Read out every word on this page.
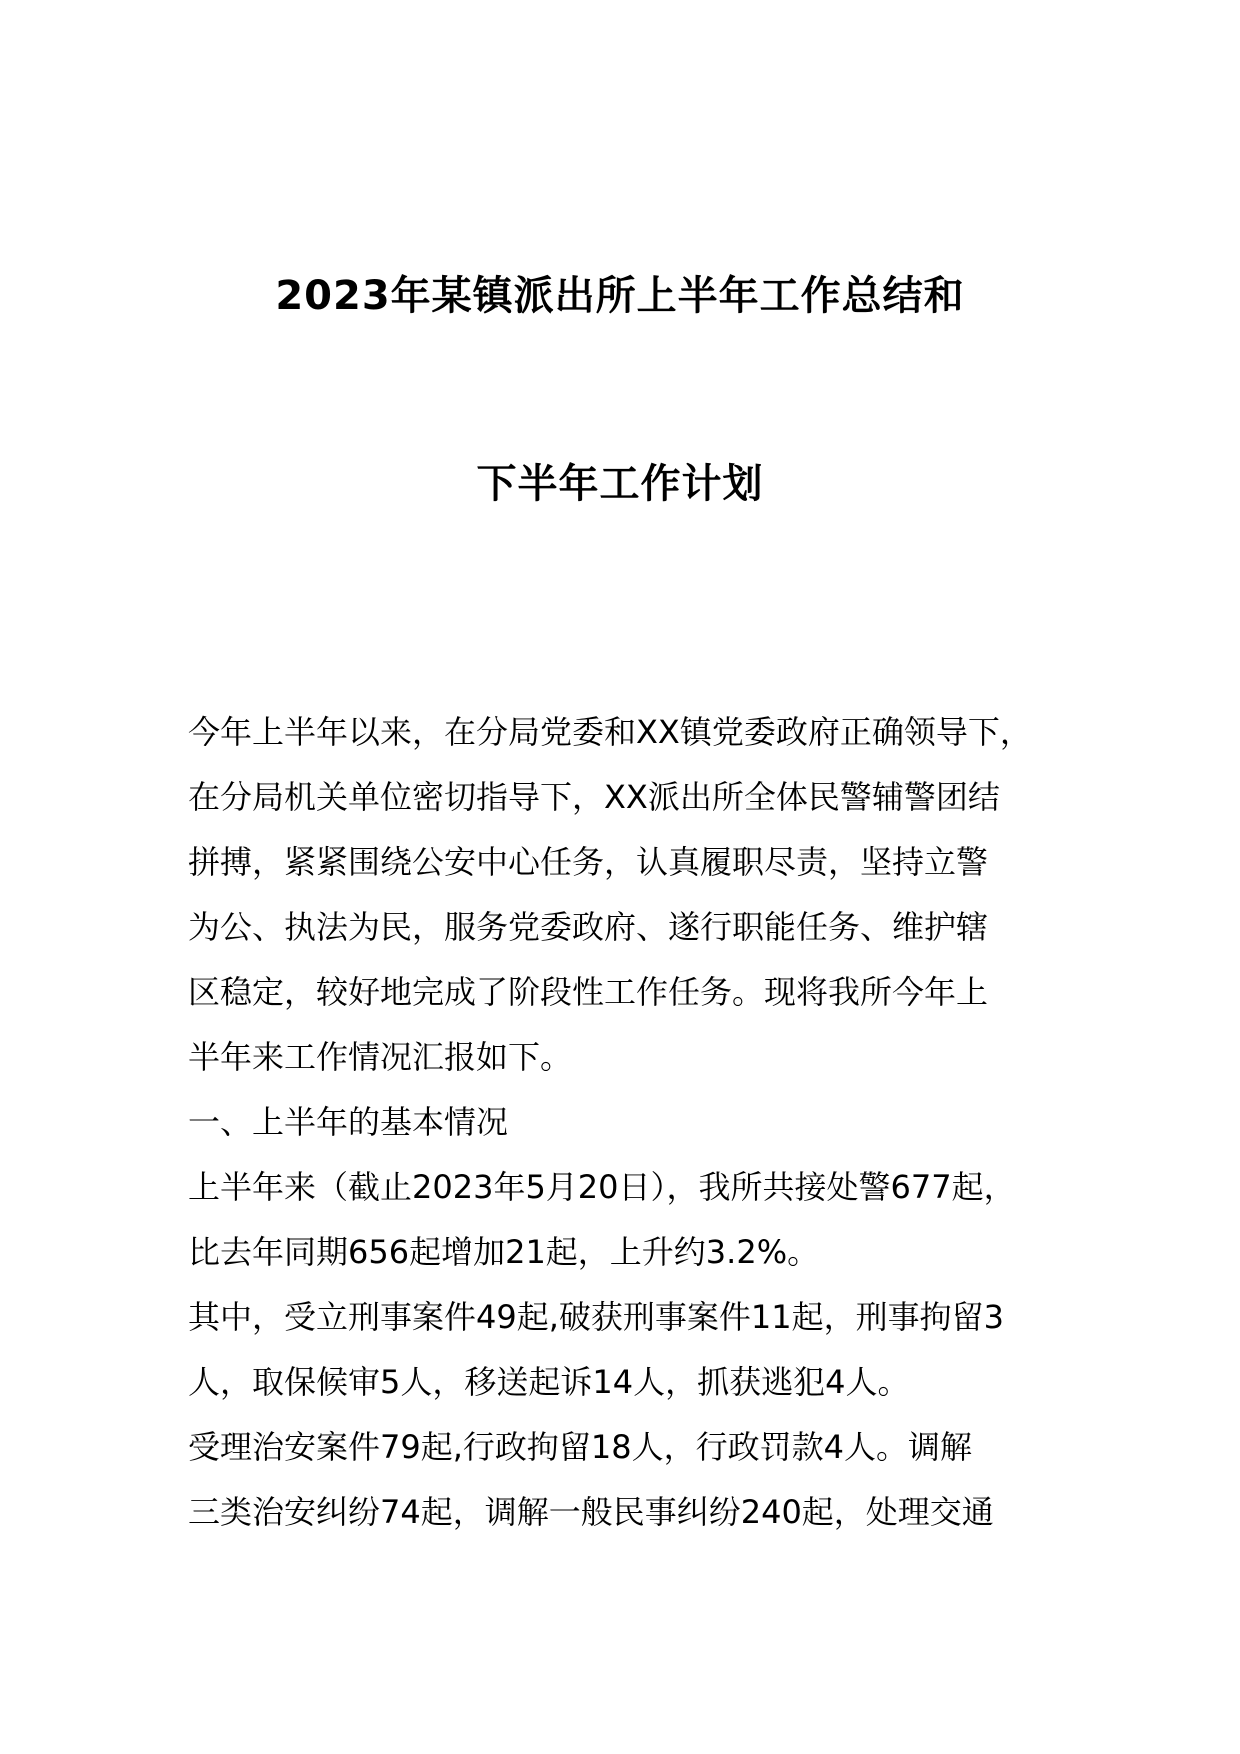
2023年某镇派出所上半年工作总结和
下半年工作计划
今年上半年以来，在分局党委和XX镇党委政府正确领导下，
在分局机关单位密切指导下，XX派出所全体民警辅警团结
拼搏，紧紧围绕公安中心任务，认真履职尽责，坚持立警
为公、执法为民，服务党委政府、遂行职能任务、维护辖
区稳定，较好地完成了阶段性工作任务。现将我所今年上
半年来工作情况汇报如下。
一、上半年的基本情况
上半年来（截止2023年5月20日），我所共接处警677起，
比去年同期656起增加21起，上升约3.2%。
其中，受立刑事案件49起,破获刑事案件11起，刑事拘留3
人，取保候审5人，移送起诉14人，抓获逃犯4人。
受理治安案件79起,行政拘留18人，行政罚款4人。调解
三类治安纠纷74起，调解一般民事纠纷240起，处理交通
